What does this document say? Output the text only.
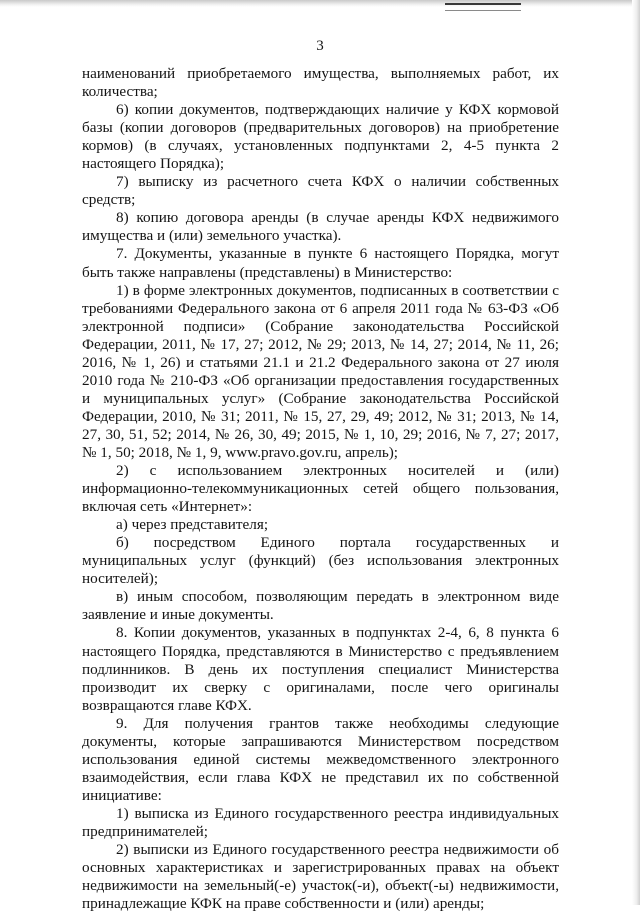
3

наименований приобретаемого имущества, выполняемых работ, их количества;

6) копии документов, подтверждающих наличие у КФХ кормовой базы (копии договоров (предварительных договоров) на приобретение кормов) (в случаях, установленных подпунктами 2, 4-5 пункта 2 настоящего Порядка);

7) выписку из расчетного счета КФХ о наличии собственных средств;

8) копию договора аренды (в случае аренды КФХ недвижимого имущества и (или) земельного участка).

7. Документы, указанные в пункте 6 настоящего Порядка, могут быть также направлены (представлены) в Министерство:

1) в форме электронных документов, подписанных в соответствии с требованиями Федерального закона от 6 апреля 2011 года № 63-ФЗ «Об электронной подписи» (Собрание законодательства Российской Федерации, 2011, № 17, 27; 2012, № 29; 2013, № 14, 27; 2014, № 11, 26; 2016, № 1, 26) и статьями 21.1 и 21.2 Федерального закона от 27 июля 2010 года № 210-ФЗ «Об организации предоставления государственных и муниципальных услуг» (Собрание законодательства Российской Федерации, 2010, № 31; 2011, № 15, 27, 29, 49; 2012, № 31; 2013, № 14, 27, 30, 51, 52; 2014, № 26, 30, 49; 2015, № 1, 10, 29; 2016, № 7, 27; 2017, № 1, 50; 2018, № 1, 9, www.pravo.gov.ru, апрель);

2) с использованием электронных носителей и (или) информационно-телекоммуникационных сетей общего пользования, включая сеть «Интернет»:

а) через представителя;

б) посредством Единого портала государственных и муниципальных услуг (функций) (без использования электронных носителей);

в) иным способом, позволяющим передать в электронном виде заявление и иные документы.

8. Копии документов, указанных в подпунктах 2-4, 6, 8 пункта 6 настоящего Порядка, представляются в Министерство с предъявлением подлинников. В день их поступления специалист Министерства производит их сверку с оригиналами, после чего оригиналы возвращаются главе КФХ.

9. Для получения грантов также необходимы следующие документы, которые запрашиваются Министерством посредством использования единой системы межведомственного электронного взаимодействия, если глава КФХ не представил их по собственной инициативе:

1) выписка из Единого государственного реестра индивидуальных предпринимателей;

2) выписки из Единого государственного реестра недвижимости об основных характеристиках и зарегистрированных правах на объект недвижимости на земельный(-е) участок(-и), объект(-ы) недвижимости, принадлежащие КФК на праве собственности и (или) аренды;
